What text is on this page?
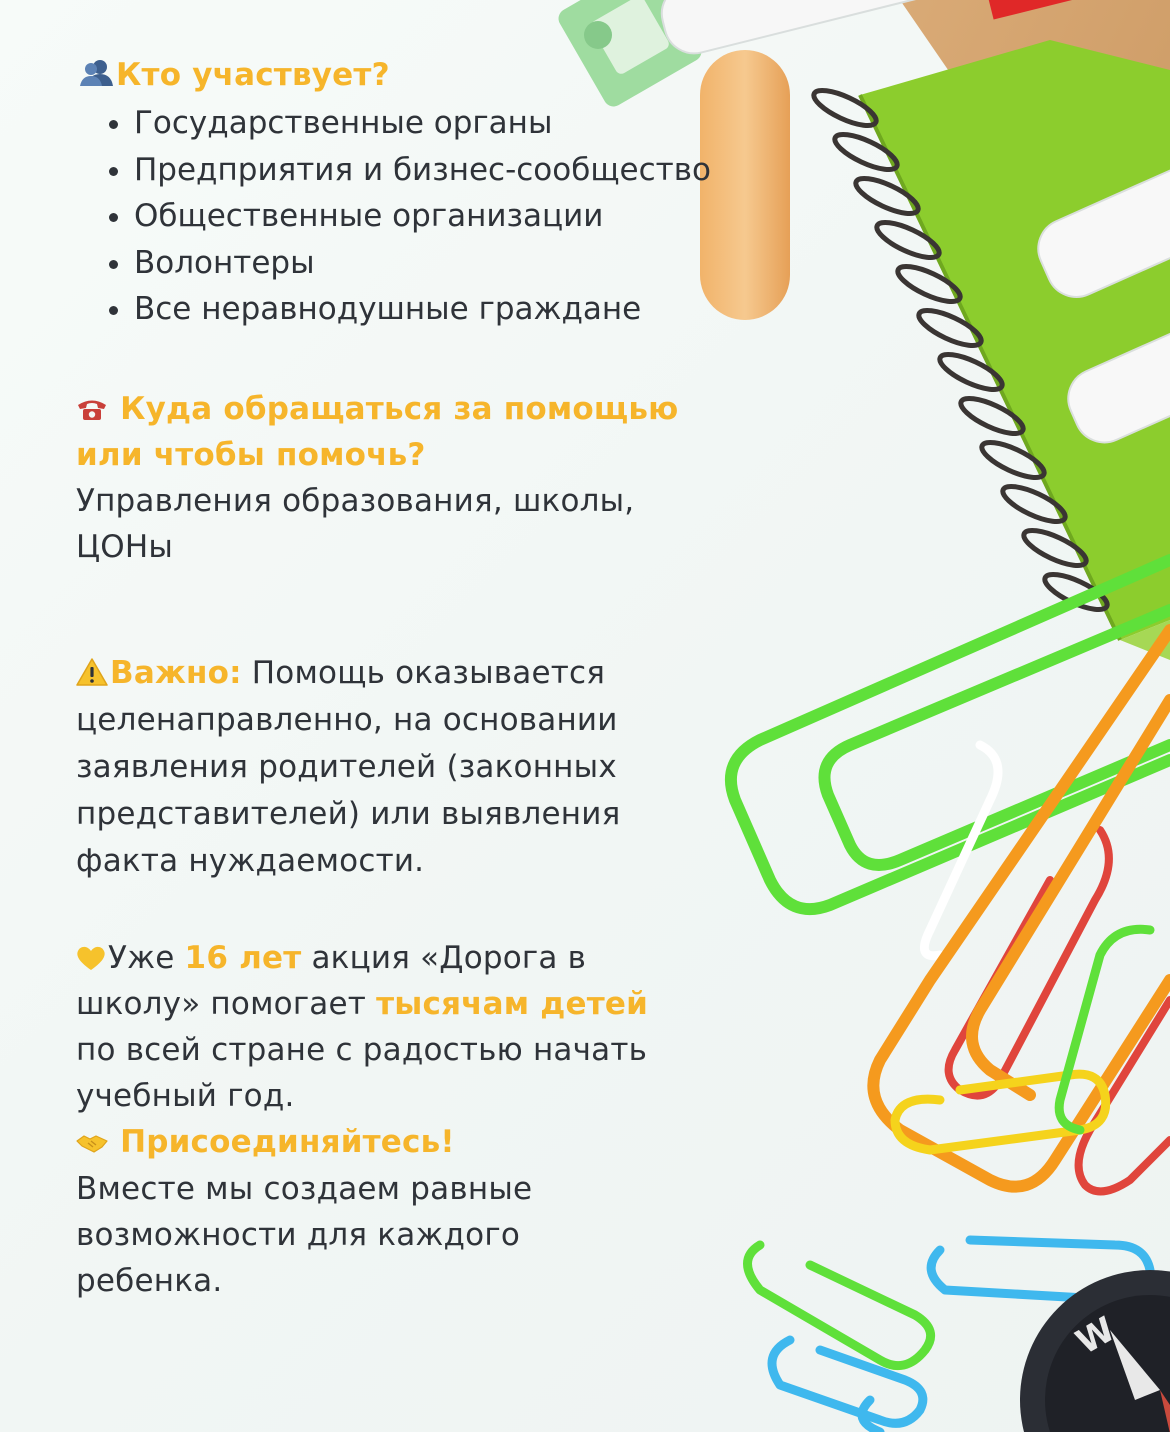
W
Кто участвует?
• Государственные органы
• Предприятия и бизнес-сообщество
• Общественные организации
• Волонтеры
• Все неравнодушные граждане
Куда обращаться за помощью
или чтобы помочь?
Управления образования, школы,
ЦОНы
Важно: Помощь оказывается
целенаправленно, на основании
заявления родителей (законных
представителей) или выявления
факта нуждаемости.
Уже 16 лет акция «Дорога в
школу» помогает тысячам детей
по всей стране с радостью начать
учебный год.
Присоединяйтесь!
Вместе мы создаем равные
возможности для каждого
ребенка.
